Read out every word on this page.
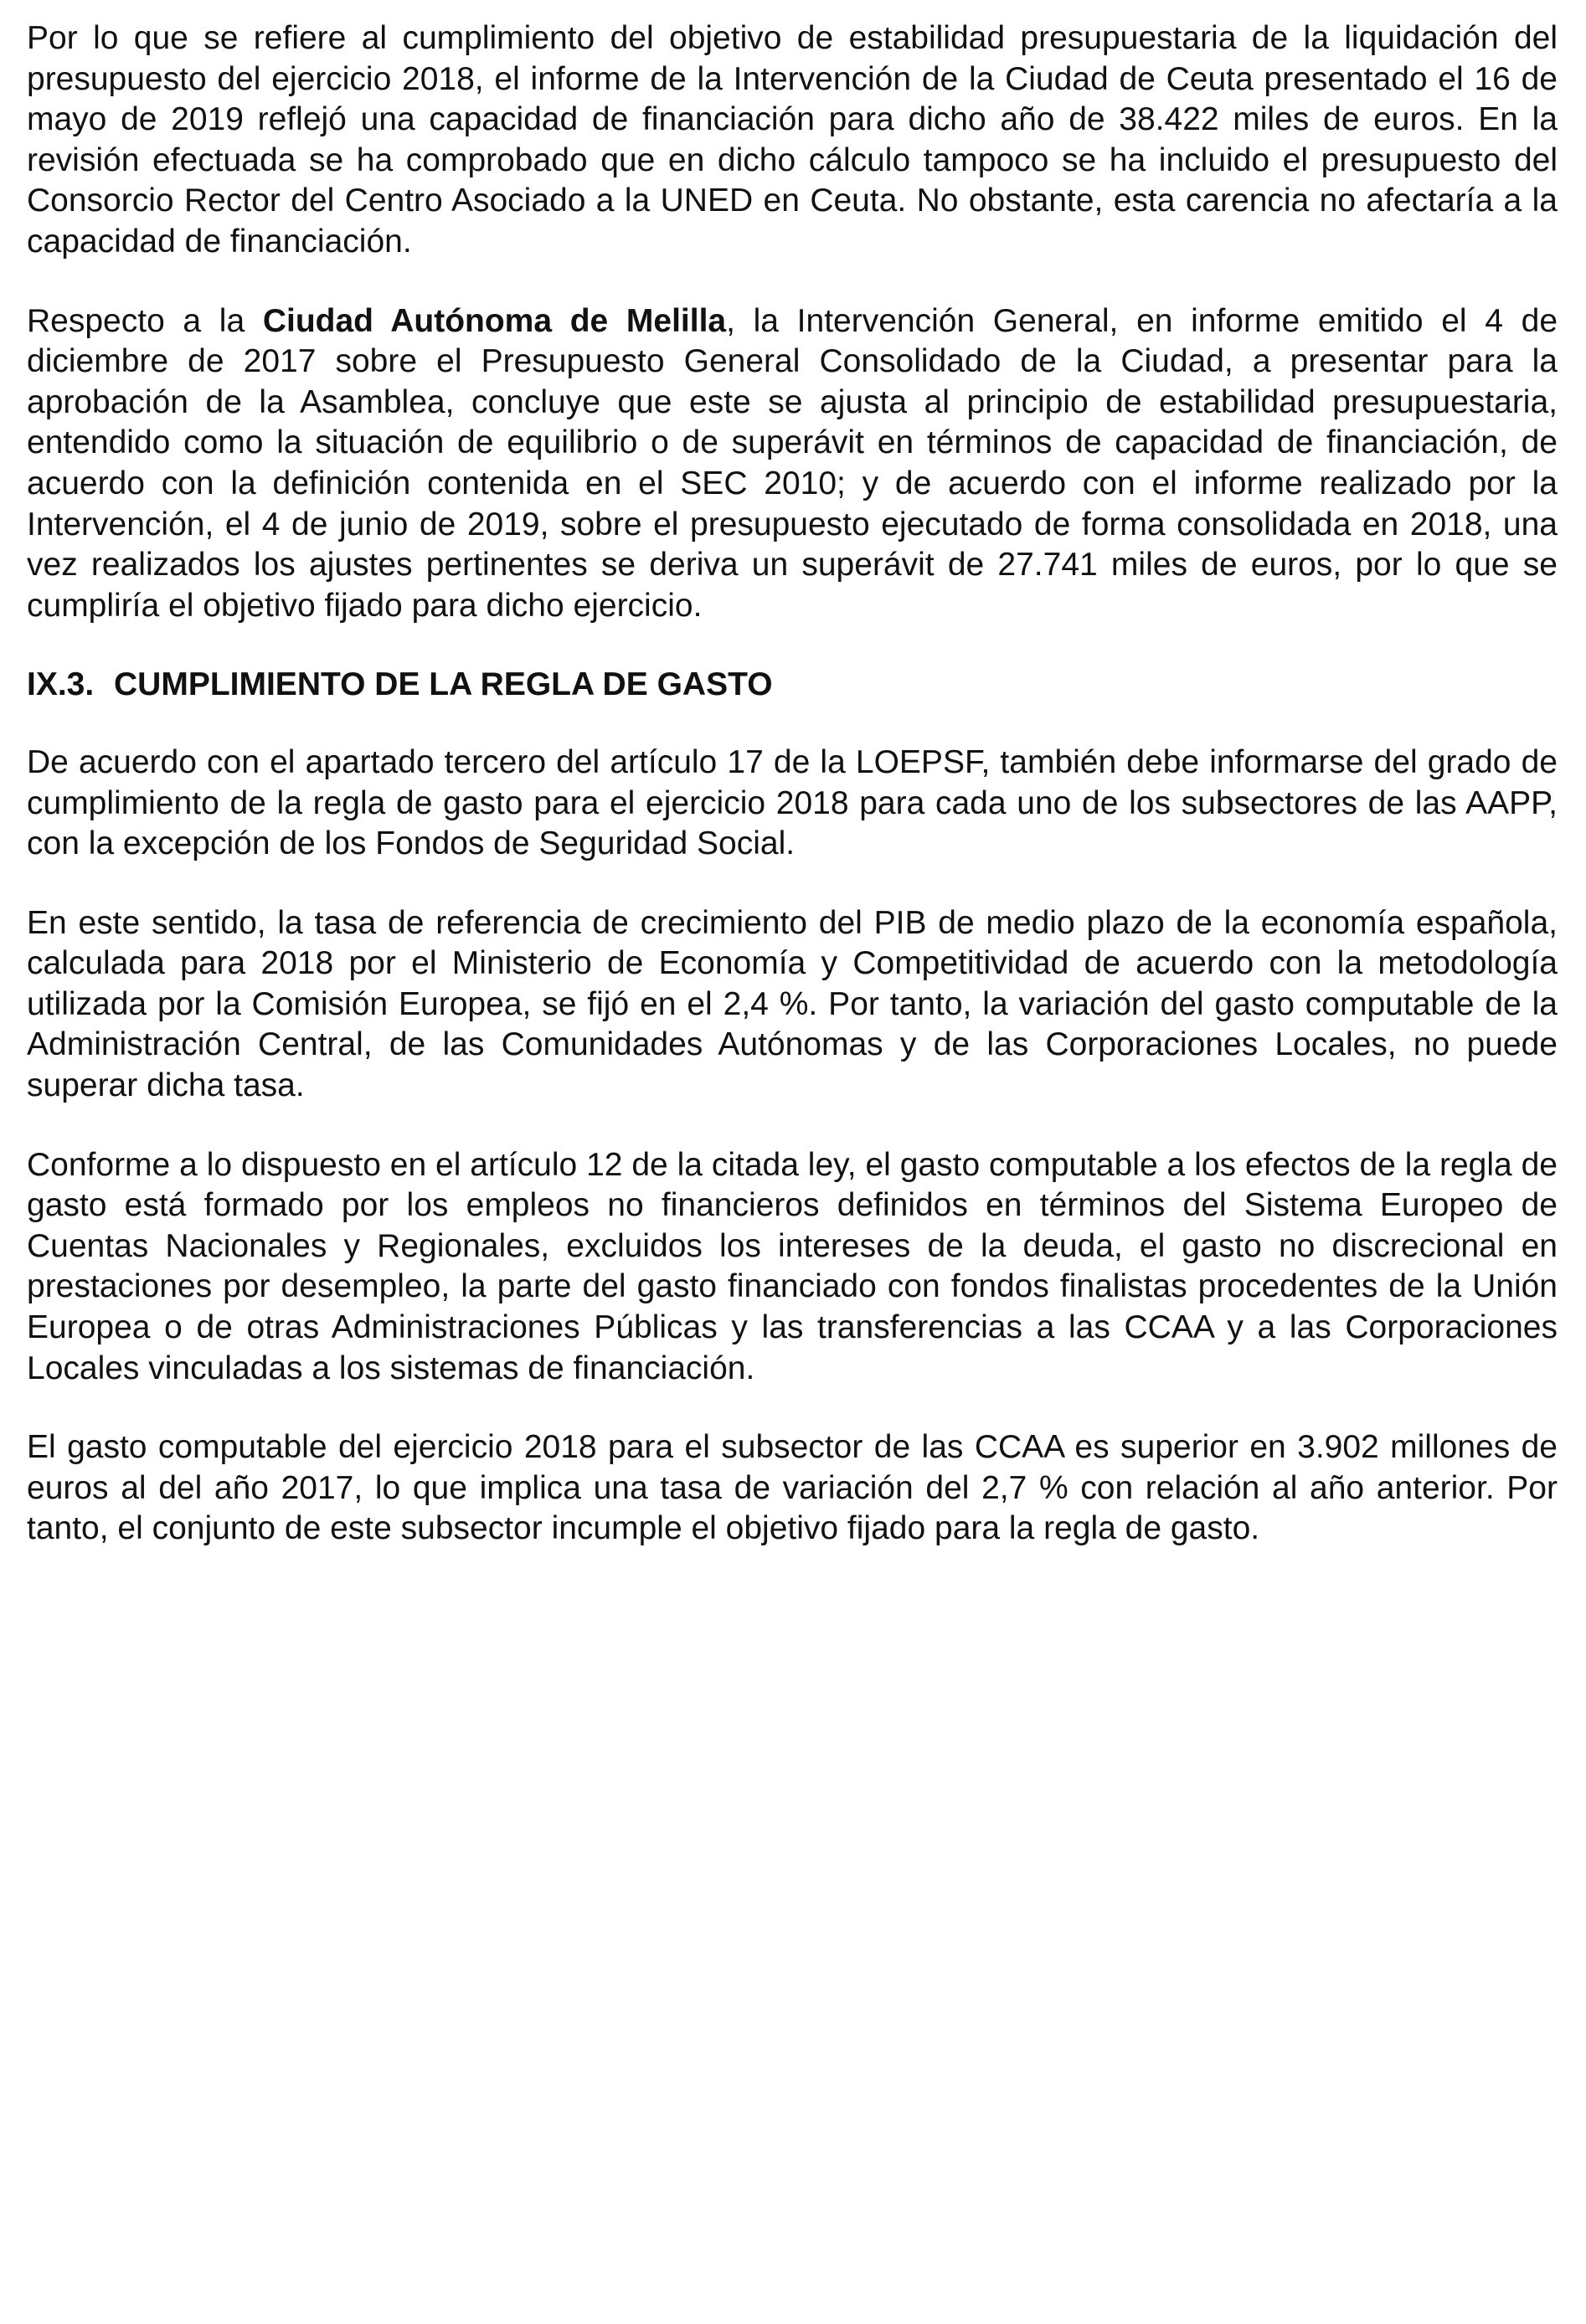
Por lo que se refiere al cumplimiento del objetivo de estabilidad presupuestaria de la liquidación del presupuesto del ejercicio 2018, el informe de la Intervención de la Ciudad de Ceuta presentado el 16 de mayo de 2019 reflejó una capacidad de financiación para dicho año de 38.422 miles de euros. En la revisión efectuada se ha comprobado que en dicho cálculo tampoco se ha incluido el presupuesto del Consorcio Rector del Centro Asociado a la UNED en Ceuta. No obstante, esta carencia no afectaría a la capacidad de financiación.

Respecto a la Ciudad Autónoma de Melilla, la Intervención General, en informe emitido el 4 de diciembre de 2017 sobre el Presupuesto General Consolidado de la Ciudad, a presentar para la aprobación de la Asamblea, concluye que este se ajusta al principio de estabilidad presupuestaria, entendido como la situación de equilibrio o de superávit en términos de capacidad de financiación, de acuerdo con la definición contenida en el SEC 2010; y de acuerdo con el informe realizado por la Intervención, el 4 de junio de 2019, sobre el presupuesto ejecutado de forma consolidada en 2018, una vez realizados los ajustes pertinentes se deriva un superávit de 27.741 miles de euros, por lo que se cumpliría el objetivo fijado para dicho ejercicio.

IX.3. CUMPLIMIENTO DE LA REGLA DE GASTO

De acuerdo con el apartado tercero del artículo 17 de la LOEPSF, también debe informarse del grado de cumplimiento de la regla de gasto para el ejercicio 2018 para cada uno de los subsectores de las AAPP, con la excepción de los Fondos de Seguridad Social.

En este sentido, la tasa de referencia de crecimiento del PIB de medio plazo de la economía española, calculada para 2018 por el Ministerio de Economía y Competitividad de acuerdo con la metodología utilizada por la Comisión Europea, se fijó en el 2,4 %. Por tanto, la variación del gasto computable de la Administración Central, de las Comunidades Autónomas y de las Corporaciones Locales, no puede superar dicha tasa.

Conforme a lo dispuesto en el artículo 12 de la citada ley, el gasto computable a los efectos de la regla de gasto está formado por los empleos no financieros definidos en términos del Sistema Europeo de Cuentas Nacionales y Regionales, excluidos los intereses de la deuda, el gasto no discrecional en prestaciones por desempleo, la parte del gasto financiado con fondos finalistas procedentes de la Unión Europea o de otras Administraciones Públicas y las transferencias a las CCAA y a las Corporaciones Locales vinculadas a los sistemas de financiación.

El gasto computable del ejercicio 2018 para el subsector de las CCAA es superior en 3.902 millones de euros al del año 2017, lo que implica una tasa de variación del 2,7 % con relación al año anterior. Por tanto, el conjunto de este subsector incumple el objetivo fijado para la regla de gasto.
